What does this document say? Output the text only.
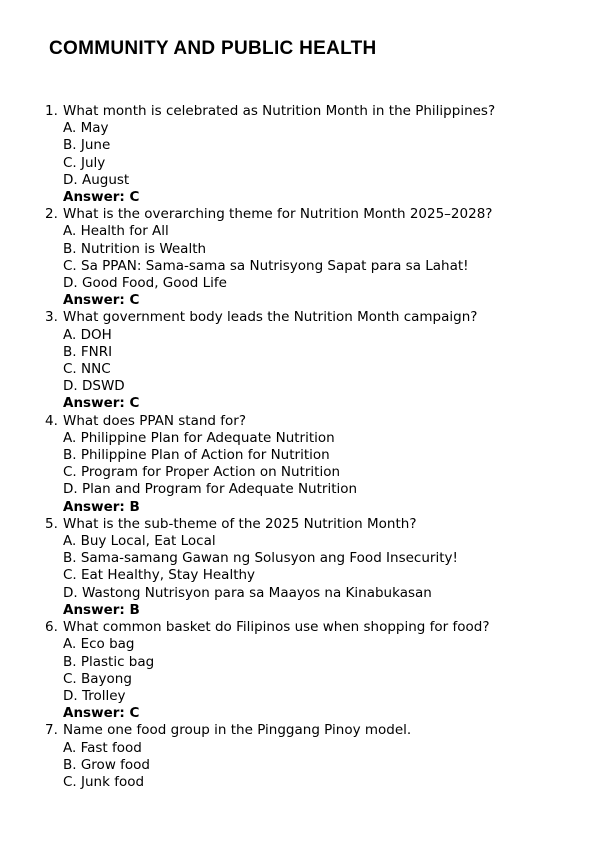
COMMUNITY AND PUBLIC HEALTH
1. What month is celebrated as Nutrition Month in the Philippines?
A. May
B. June
C. July
D. August
Answer: C
2. What is the overarching theme for Nutrition Month 2025–2028?
A. Health for All
B. Nutrition is Wealth
C. Sa PPAN: Sama-sama sa Nutrisyong Sapat para sa Lahat!
D. Good Food, Good Life
Answer: C
3. What government body leads the Nutrition Month campaign?
A. DOH
B. FNRI
C. NNC
D. DSWD
Answer: C
4. What does PPAN stand for?
A. Philippine Plan for Adequate Nutrition
B. Philippine Plan of Action for Nutrition
C. Program for Proper Action on Nutrition
D. Plan and Program for Adequate Nutrition
Answer: B
5. What is the sub-theme of the 2025 Nutrition Month?
A. Buy Local, Eat Local
B. Sama-samang Gawan ng Solusyon ang Food Insecurity!
C. Eat Healthy, Stay Healthy
D. Wastong Nutrisyon para sa Maayos na Kinabukasan
Answer: B
6. What common basket do Filipinos use when shopping for food?
A. Eco bag
B. Plastic bag
C. Bayong
D. Trolley
Answer: C
7. Name one food group in the Pinggang Pinoy model.
A. Fast food
B. Grow food
C. Junk food
